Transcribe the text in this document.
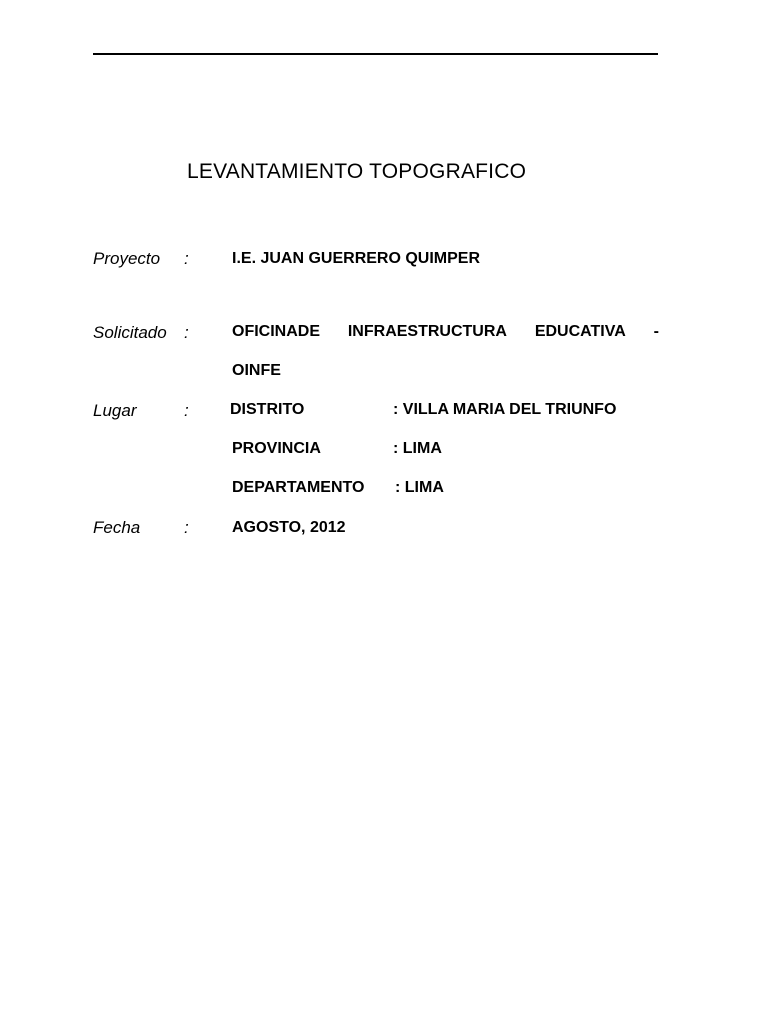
LEVANTAMIENTO TOPOGRAFICO
Proyecto :	I.E. JUAN GUERRERO QUIMPER
Solicitado :	OFICINADE INFRAESTRUCTURA EDUCATIVA -
OINFE
Lugar	:	DISTRITO	: VILLA MARIA DEL TRIUNFO
PROVINCIA	: LIMA
DEPARTAMENTO : LIMA
Fecha	:	AGOSTO, 2012
